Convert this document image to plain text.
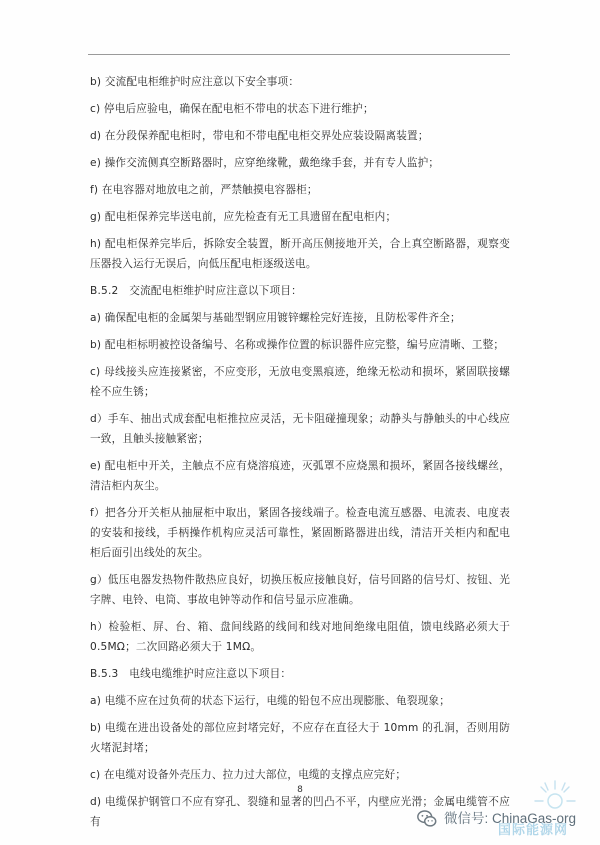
b) 交流配电柜维护时应注意以下安全事项：

c) 停电后应验电，确保在配电柜不带电的状态下进行维护；

d) 在分段保养配电柜时，带电和不带电配电柜交界处应装设隔离装置；

e) 操作交流侧真空断路器时，应穿绝缘靴，戴绝缘手套，并有专人监护；

f) 在电容器对地放电之前，严禁触摸电容器柜；

g) 配电柜保养完毕送电前，应先检查有无工具遗留在配电柜内；

h) 配电柜保养完毕后，拆除安全装置，断开高压侧接地开关，合上真空断路器，观察变压器投入运行无误后，向低压配电柜逐级送电。

B.5.2　交流配电柜维护时应注意以下项目：

a) 确保配电柜的金属架与基础型钢应用镀锌螺栓完好连接，且防松零件齐全；

b) 配电柜标明被控设备编号、名称或操作位置的标识器件应完整，编号应清晰、工整；

c) 母线接头应连接紧密，不应变形，无放电变黑痕迹，绝缘无松动和损坏，紧固联接螺栓不应生锈；

d）手车、抽出式成套配电柜推拉应灵活，无卡阻碰撞现象；动静头与静触头的中心线应一致，且触头接触紧密；

e) 配电柜中开关，主触点不应有烧溶痕迹，灭弧罩不应烧黑和损坏，紧固各接线螺丝，清洁柜内灰尘。

f）把各分开关柜从抽屉柜中取出，紧固各接线端子。检查电流互感器、电流表、电度表的安装和接线，手柄操作机构应灵活可靠性，紧固断路器进出线，清洁开关柜内和配电柜后面引出线处的灰尘。

g）低压电器发热物件散热应良好，切换压板应接触良好，信号回路的信号灯、按钮、光字牌、电铃、电筒、事故电钟等动作和信号显示应准确。

h）检验柜、屏、台、箱、盘间线路的线间和线对地间绝缘电阻值，馈电线路必须大于 0.5MΩ；二次回路必须大于 1MΩ。

B.5.3　电线电缆维护时应注意以下项目：

a) 电缆不应在过负荷的状态下运行，电缆的铅包不应出现膨胀、龟裂现象；

b) 电缆在进出设备处的部位应封堵完好，不应存在直径大于 10mm 的孔洞，否则用防火堵泥封堵；

c) 在电缆对设备外壳压力、拉力过大部位，电缆的支撑点应完好；

d) 电缆保护钢管口不应有穿孔、裂缝和显著的凹凸不平，内壁应光滑；金属电缆管不应有

8
微信号: ChinaGas-org
国际能源网
